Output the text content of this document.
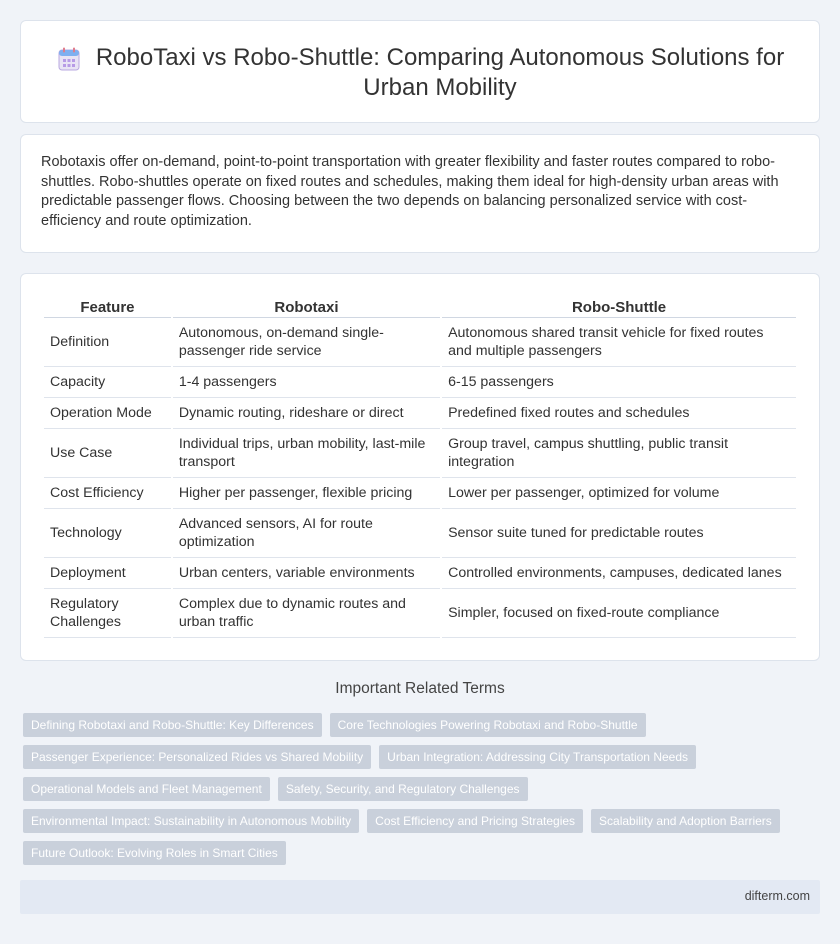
RoboTaxi vs Robo-Shuttle: Comparing Autonomous Solutions for Urban Mobility

Robotaxis offer on-demand, point-to-point transportation with greater flexibility and faster routes compared to robo-shuttles. Robo-shuttles operate on fixed routes and schedules, making them ideal for high-density urban areas with predictable passenger flows. Choosing between the two depends on balancing personalized service with cost-efficiency and route optimization.

Feature	Robotaxi	Robo-Shuttle
Definition	Autonomous, on-demand single-passenger ride service	Autonomous shared transit vehicle for fixed routes and multiple passengers
Capacity	1-4 passengers	6-15 passengers
Operation Mode	Dynamic routing, rideshare or direct	Predefined fixed routes and schedules
Use Case	Individual trips, urban mobility, last-mile transport	Group travel, campus shuttling, public transit integration
Cost Efficiency	Higher per passenger, flexible pricing	Lower per passenger, optimized for volume
Technology	Advanced sensors, AI for route optimization	Sensor suite tuned for predictable routes
Deployment	Urban centers, variable environments	Controlled environments, campuses, dedicated lanes
Regulatory Challenges	Complex due to dynamic routes and urban traffic	Simpler, focused on fixed-route compliance
Important Related Terms
Defining Robotaxi and Robo-Shuttle: Key Differences	Core Technologies Powering Robotaxi and Robo-Shuttle
Passenger Experience: Personalized Rides vs Shared Mobility	Urban Integration: Addressing City Transportation Needs
Operational Models and Fleet Management	Safety, Security, and Regulatory Challenges
Environmental Impact: Sustainability in Autonomous Mobility	Cost Efficiency and Pricing Strategies	Scalability and Adoption Barriers
Future Outlook: Evolving Roles in Smart Cities
difterm.com
